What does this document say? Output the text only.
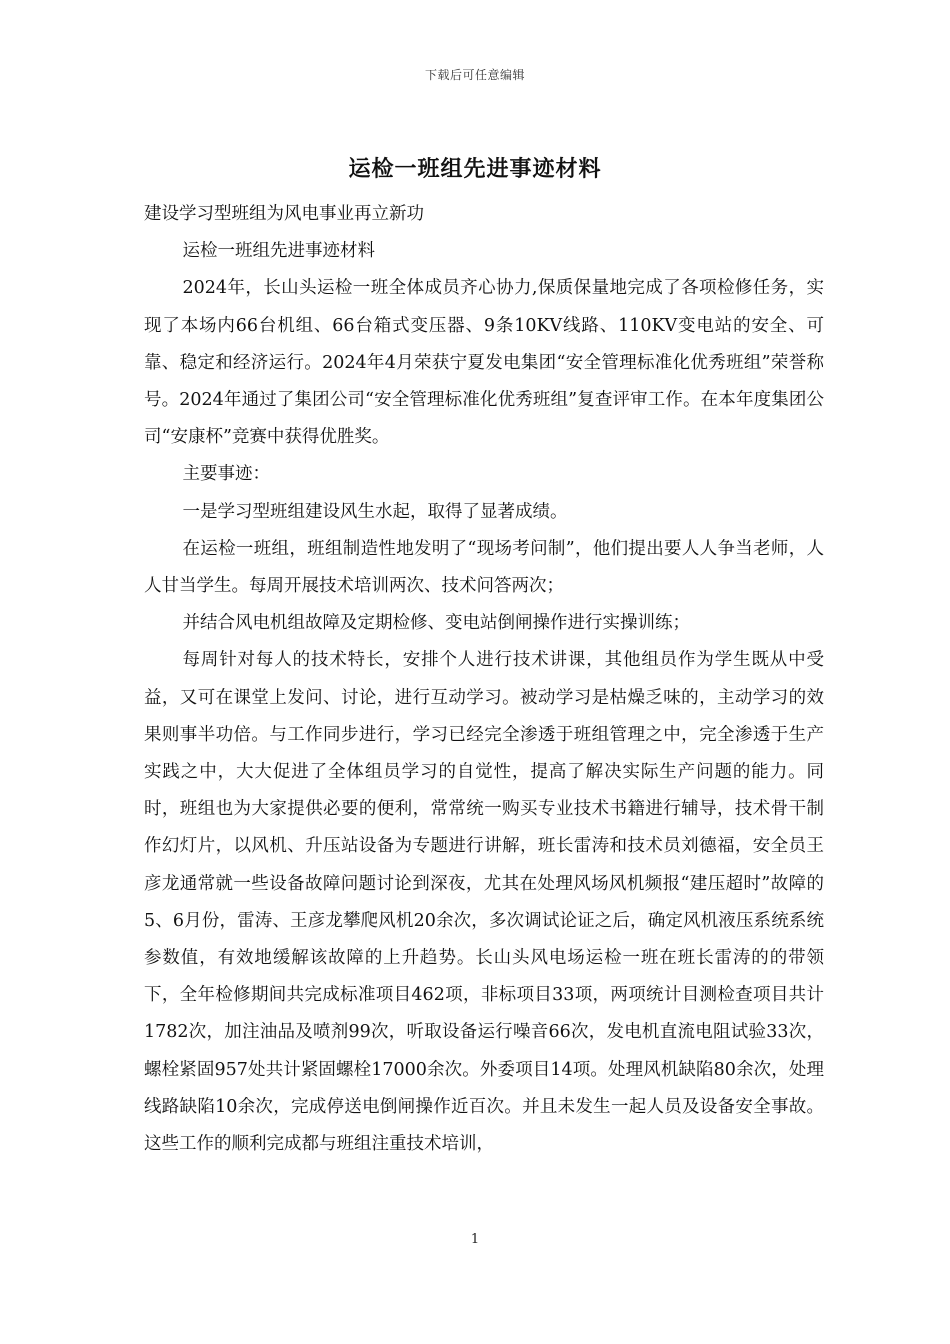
下载后可任意编辑
运检一班组先进事迹材料

建设学习型班组为风电事业再立新功

运检一班组先进事迹材料

2024年，长山头运检一班全体成员齐心协力,保质保量地完成了各项检修任务，实现了本场内66台机组、66台箱式变压器、9条10KV线路、110KV变电站的安全、可靠、稳定和经济运行。2024年4月荣获宁夏发电集团“安全管理标准化优秀班组”荣誉称号。2024年通过了集团公司“安全管理标准化优秀班组”复查评审工作。在本年度集团公司“安康杯”竞赛中获得优胜奖。

主要事迹：

一是学习型班组建设风生水起，取得了显著成绩。

在运检一班组，班组制造性地发明了“现场考问制”，他们提出要人人争当老师，人人甘当学生。每周开展技术培训两次、技术问答两次；

并结合风电机组故障及定期检修、变电站倒闸操作进行实操训练；

每周针对每人的技术特长，安排个人进行技术讲课，其他组员作为学生既从中受益，又可在课堂上发问、讨论，进行互动学习。被动学习是枯燥乏味的，主动学习的效果则事半功倍。与工作同步进行，学习已经完全渗透于班组管理之中，完全渗透于生产实践之中，大大促进了全体组员学习的自觉性，提高了解决实际生产问题的能力。同时，班组也为大家提供必要的便利，常常统一购买专业技术书籍进行辅导，技术骨干制作幻灯片，以风机、升压站设备为专题进行讲解，班长雷涛和技术员刘德福，安全员王彦龙通常就一些设备故障问题讨论到深夜，尤其在处理风场风机频报“建压超时”故障的5、6月份，雷涛、王彦龙攀爬风机20余次，多次调试论证之后，确定风机液压系统系统参数值，有效地缓解该故障的上升趋势。长山头风电场运检一班在班长雷涛的的带领下，全年检修期间共完成标准项目462项，非标项目33项，两项统计目测检查项目共计1782次，加注油品及喷剂99次，听取设备运行噪音66次，发电机直流电阻试验33次，螺栓紧固957处共计紧固螺栓17000余次。外委项目14项。处理风机缺陷80余次，处理线路缺陷10余次，完成停送电倒闸操作近百次。并且未发生一起人员及设备安全事故。这些工作的顺利完成都与班组注重技术培训，

1
